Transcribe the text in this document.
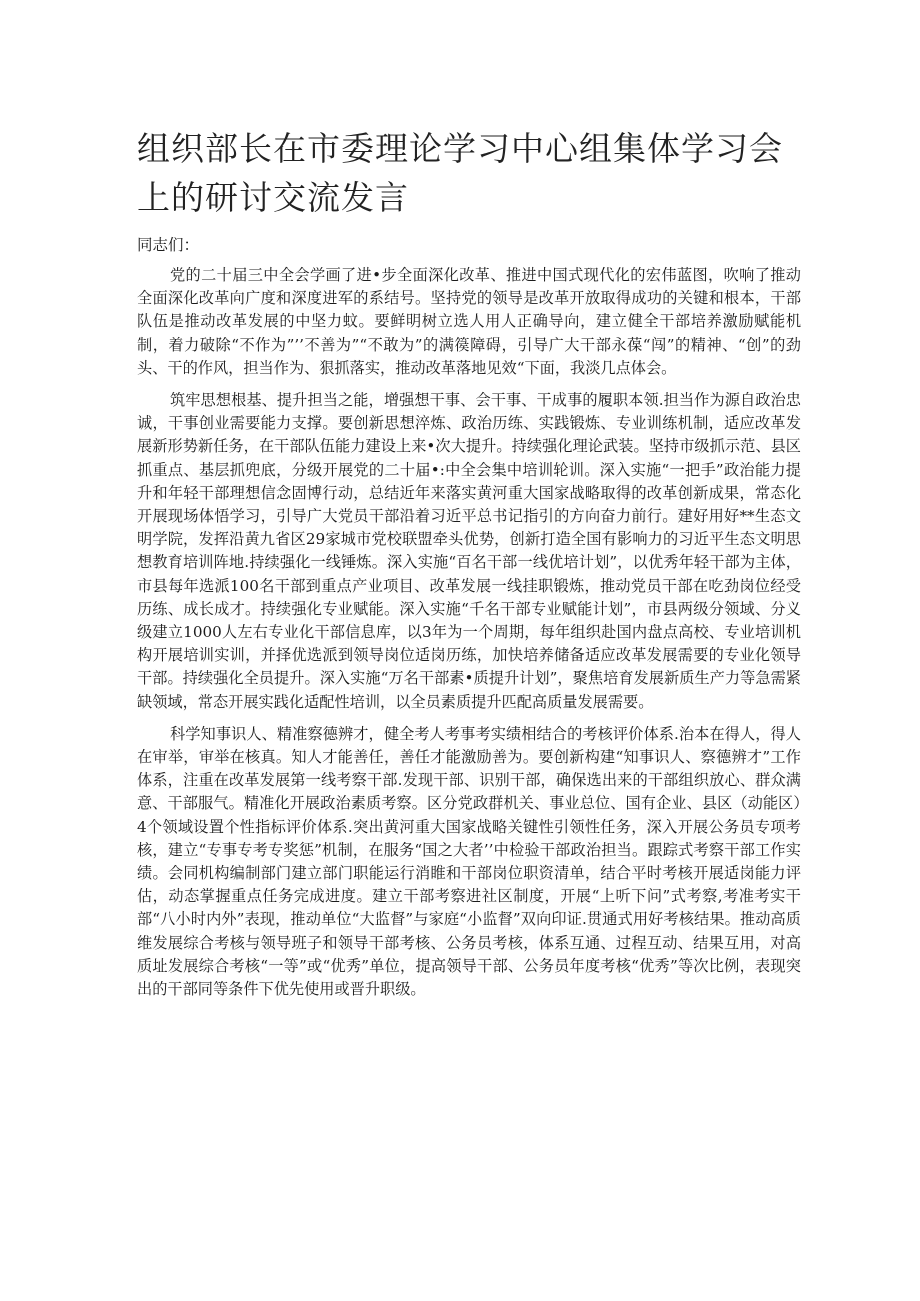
组织部长在市委理论学习中心组集体学习会上的研讨交流发言
同志们：

党的二十届三中全会学画了进•步全面深化改革、推进中国式现代化的宏伟蓝图，吹响了推动全面深化改革向广度和深度进军的系结号。坚持党的领导是改革开放取得成功的关键和根本，干部队伍是推动改革发展的中坚力蚊。要鲜明树立选人用人正确导向，建立健全干部培养激励赋能机制，着力破除“不作为”’’不善为”“不敢为”的满篌障碍，引导广大干部永葆“闯”的精神、“创”的劲头、干的作风，担当作为、狠抓落实，推动改革落地见效“下面，我淡几点体会。

筑牢思想根基、提升担当之能，增强想干事、会干事、干成事的履职本领.担当作为源自政治忠诚，干事创业需要能力支撑。要创新思想淬炼、政治历练、实践锻炼、专业训练机制，适应改革发展新形势新任务，在干部队伍能力建设上来•次大提升。持续强化理论武装。坚持市级抓示范、县区抓重点、基层抓兜底，分级开展党的二十届•:中全会集中培训轮训。深入实施“一把手”政治能力提升和年轻干部理想信念固博行动，总结近年来落实黄河重大国家战略取得的改革创新成果，常态化开展现场体悟学习，引导广大党员干部沿着习近平总书记指引的方向奋力前行。建好用好**生态文明学院，发挥沿黄九省区29家城市党校联盟牵头优势，创新打造全国有影响力的习近平生态文明思想教育培训阵地.持续强化一线锤炼。深入实施“百名干部一线优培计划”，以优秀年轻干部为主体，市县每年选派100名干部到重点产业项目、改革发展一线挂职锻炼，推动党员干部在吃劲岗位经受历练、成长成才。持续强化专业赋能。深入实施“千名干部专业赋能计划”，市县两级分领域、分义级建立1000人左右专业化干部信息库，以3年为一个周期，每年组织赴国内盘点高校、专业培训机构开展培训实训，并择优选派到领导岗位适岗历练，加快培养储备适应改革发展需要的专业化领导干部。持续强化全员提升。深入实施“万名干部素•质提升计划”，聚焦培育发展新质生产力等急需紧缺领域，常态开展实践化适配性培训，以全员素质提升匹配高质量发展需要。

科学知事识人、精准察德辨才，健全考人考事考实绩相结合的考核评价体系.治本在得人，得人在审举，审举在核真。知人才能善任，善任才能激励善为。要创新构建“知事识人、察德辨才”工作体系，注重在改革发展第一线考察干部.发现干部、识别干部，确保选出来的干部组织放心、群众满意、干部服气。精准化开展政治素质考察。区分党政群机关、事业总位、国有企业、县区（动能区）4个领域设置个性指标评价体系.突出黄河重大国家战略关键性引领性任务，深入开展公务员专项考核，建立“专事专考专奖惩”机制，在服务“国之大者’’中检验干部政治担当。跟踪式考察干部工作实绩。会同机构编制部门建立部门职能运行消睢和干部岗位职资清单，结合平时考核开展适岗能力评估，动态掌握重点任务完成进度。建立干部考察进社区制度，开展“上听下问”式考察,考准考实干部“八小时内外”表现，推动单位“大监督”与家庭“小监督”双向印证.贯通式用好考核结果。推动高质维发展综合考核与领导班子和领导干部考核、公务员考核，体系互通、过程互动、结果互用，对高质址发展综合考核“一等”或“优秀”单位，提高领导干部、公务员年度考核“优秀”等次比例，表现突出的干部同等条件下优先使用或晋升职级。
